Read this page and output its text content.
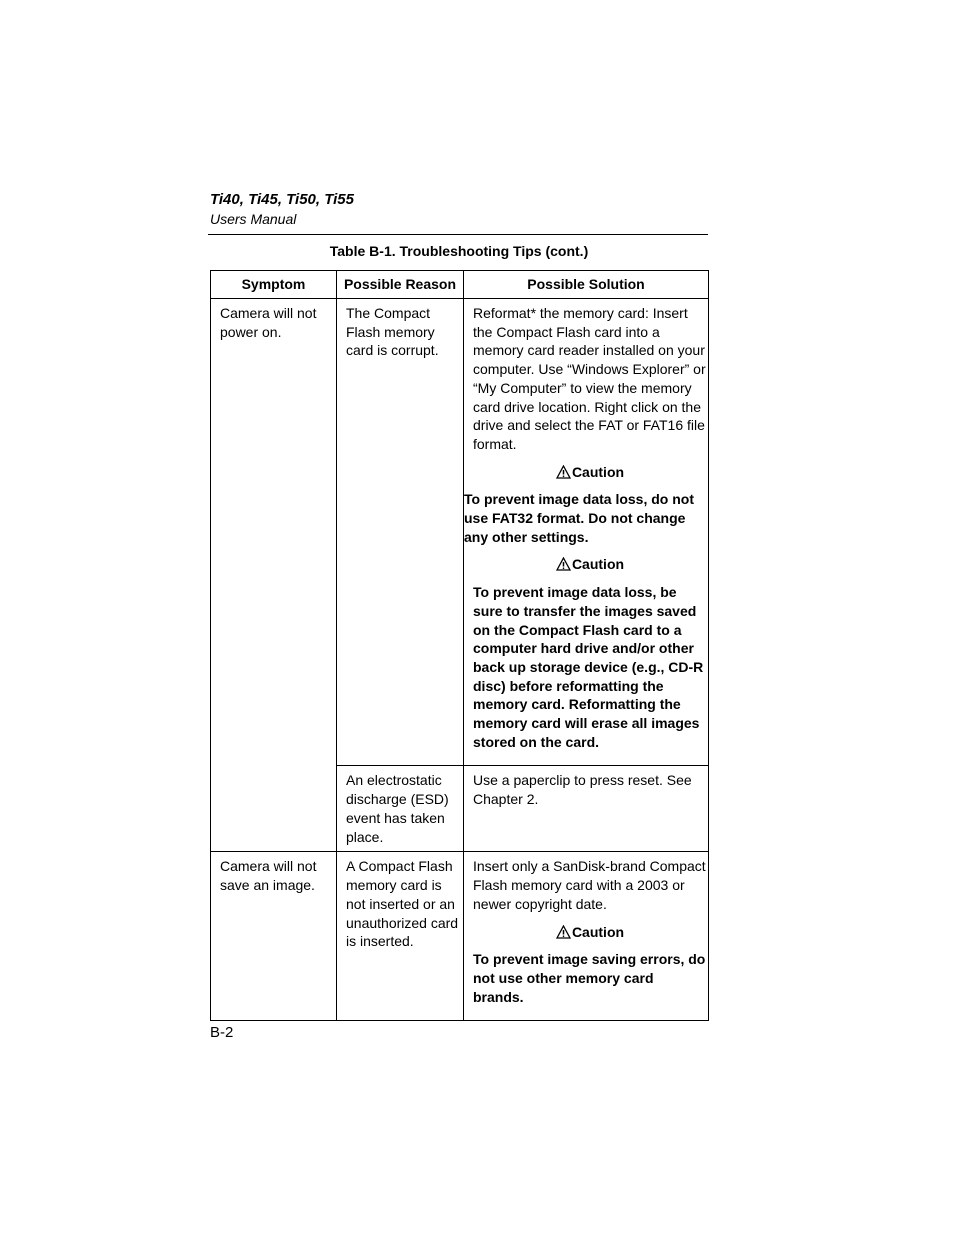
Ti40, Ti45, Ti50, Ti55
Users Manual
Table B-1. Troubleshooting Tips (cont.)
Symptom	Possible Reason	Possible Solution

Camera will not power on.	The Compact Flash memory card is corrupt.	Reformat* the memory card: Insert the Compact Flash card into a memory card reader installed on your computer. Use “Windows Explorer” or “My Computer” to view the memory card drive location. Right click on the drive and select the FAT or FAT16 file format.

Caution

To prevent image data loss, do not use FAT32 format. Do not change any other settings.

Caution

To prevent image data loss, be sure to transfer the images saved on the Compact Flash card to a computer hard drive and/or other back up storage device (e.g., CD-R disc) before reformatting the memory card. Reformatting the memory card will erase all images stored on the card.

	An electrostatic discharge (ESD) event has taken place.	Use a paperclip to press reset. See Chapter 2.

Camera will not save an image.	A Compact Flash memory card is not inserted or an unauthorized card is inserted.	Insert only a SanDisk-brand Compact Flash memory card with a 2003 or newer copyright date.

Caution

To prevent image saving errors, do not use other memory card brands.

B-2
